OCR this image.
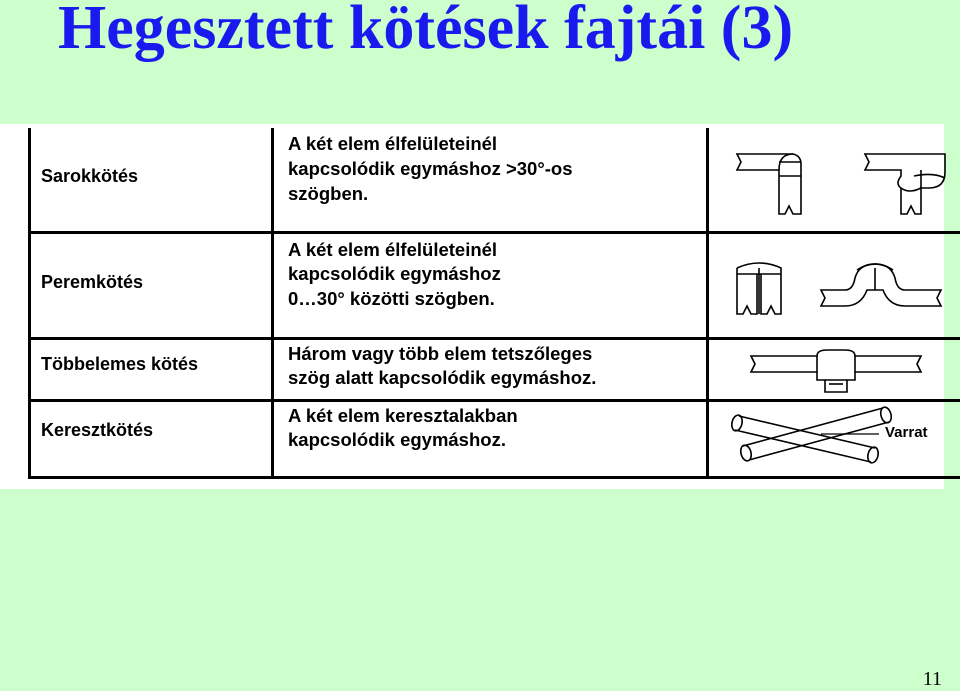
Hegesztett kötések fajtái (3)
Sarokkötés	A két elem élfelületeinél
kapcsolódik egymáshoz >30°-os
szögben.

Peremkötés	A két elem élfelületeinél
kapcsolódik egymáshoz
0…30° közötti szögben.

Többelemes kötés	Három vagy több elem tetszőleges
szög alatt kapcsolódik egymáshoz.

Keresztkötés	A két elem keresztalakban
kapcsolódik egymáshoz.	Varrat
11
